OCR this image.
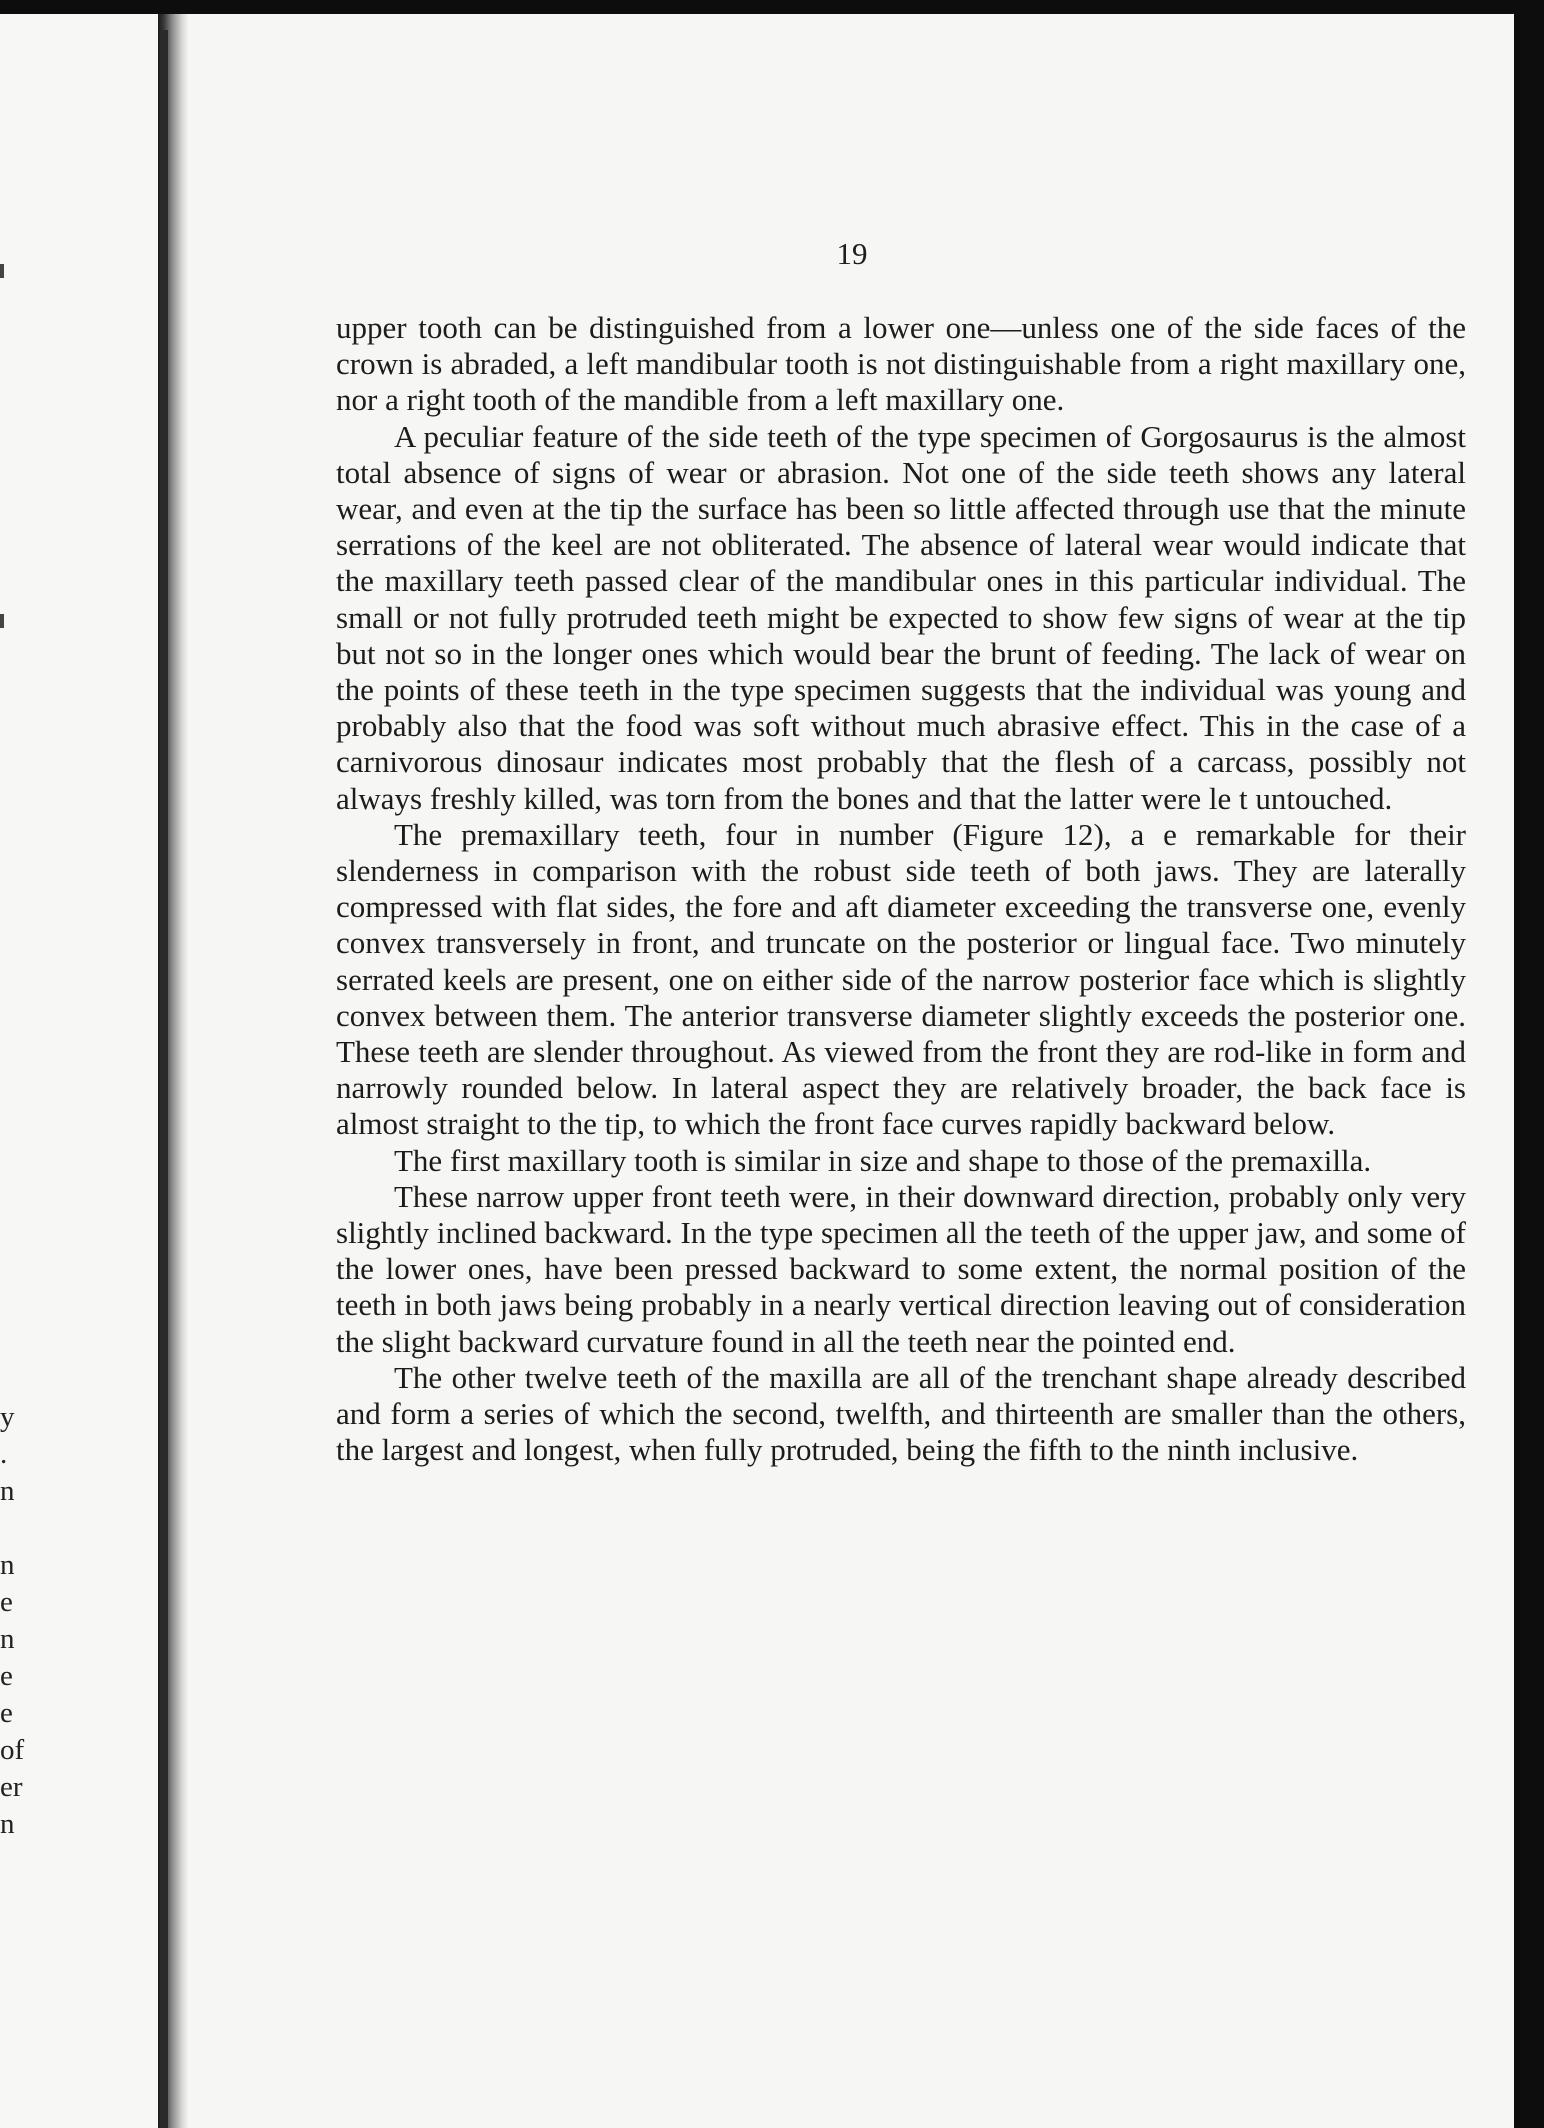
y
.
n
n
e
n
e
e
of
er
n
19

upper tooth can be distinguished from a lower one—unless one of the side faces of the crown is abraded, a left mandibular tooth is not distinguishable from a right maxillary one, nor a right tooth of the mandible from a left maxillary one.

A peculiar feature of the side teeth of the type specimen of Gorgosaurus is the almost total absence of signs of wear or abrasion. Not one of the side teeth shows any lateral wear, and even at the tip the surface has been so little affected through use that the minute serrations of the keel are not obliterated. The absence of lateral wear would indicate that the maxillary teeth passed clear of the mandibular ones in this particular individual. The small or not fully protruded teeth might be expected to show few signs of wear at the tip but not so in the longer ones which would bear the brunt of feeding. The lack of wear on the points of these teeth in the type specimen suggests that the individual was young and probably also that the food was soft without much abrasive effect. This in the case of a carnivorous dinosaur indicates most probably that the flesh of a carcass, possibly not always freshly killed, was torn from the bones and that the latter were le t untouched.

The premaxillary teeth, four in number (Figure 12), a e remarkable for their slenderness in comparison with the robust side teeth of both jaws. They are laterally compressed with flat sides, the fore and aft diameter exceeding the transverse one, evenly convex transversely in front, and truncate on the posterior or lingual face. Two minutely serrated keels are present, one on either side of the narrow posterior face which is slightly convex between them. The anterior transverse diameter slightly exceeds the posterior one. These teeth are slender throughout. As viewed from the front they are rod-like in form and narrowly rounded below. In lateral aspect they are relatively broader, the back face is almost straight to the tip, to which the front face curves rapidly backward below.

The first maxillary tooth is similar in size and shape to those of the premaxilla.

These narrow upper front teeth were, in their downward direction, probably only very slightly inclined backward. In the type specimen all the teeth of the upper jaw, and some of the lower ones, have been pressed backward to some extent, the normal position of the teeth in both jaws being probably in a nearly vertical direction leaving out of consideration the slight backward curvature found in all the teeth near the pointed end.

The other twelve teeth of the maxilla are all of the trenchant shape already described and form a series of which the second, twelfth, and thirteenth are smaller than the others, the largest and longest, when fully protruded, being the fifth to the ninth inclusive.
